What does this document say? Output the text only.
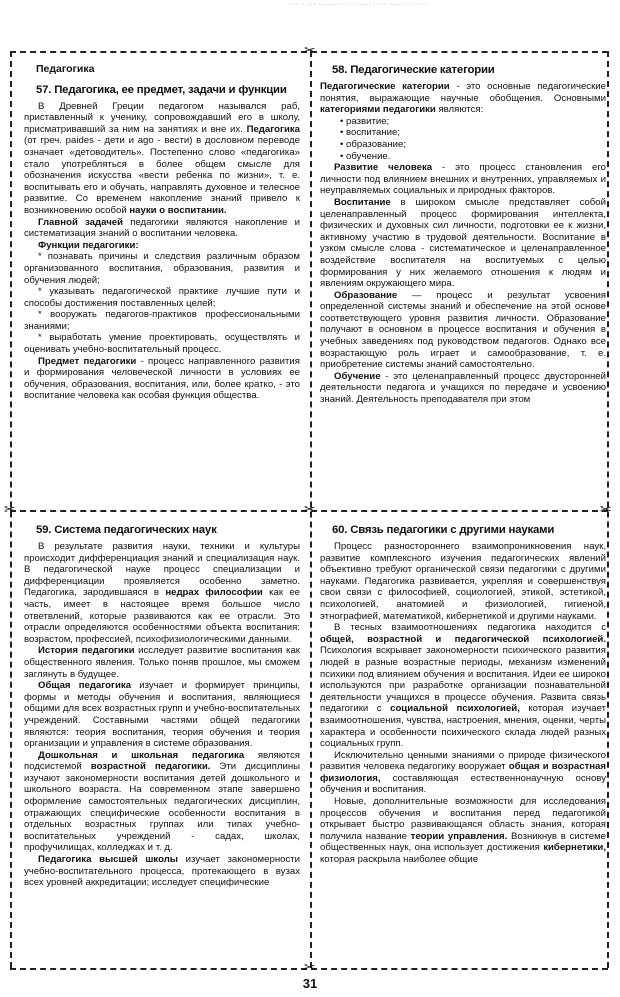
··· · ··· ········ ·· ······· ··· ······ ·· ···
✂
✂
✂	✂
✂
Педагогика
57. Педагогика, ее предмет, задачи и функции

В Древней Греции педагогом назывался раб, приставленный к ученику, сопровождавший его в школу, присматривавший за ним на занятиях и вне их. Педагогика (от греч. paides - дети и ago - вести) в дословном переводе означает «детоводитель». Постепенно слово «педагогика» стало употребляться в более общем смысле для обозначения искусства «вести ребенка по жизни», т. е. воспитывать его и обучать, направлять духовное и телесное развитие. Со временем накопление знаний привело к возникновению особой науки о воспитании.

Главной задачей педагогики являются накопление и систематизация знаний о воспитании человека.

Функции педагогики:

* познавать причины и следствия различным образом организованного воспитания, образования, развития и обучения людей;

* указывать педагогической практике лучшие пути и способы достижения поставленных целей;

* вооружать педагогов-практиков профессиональными знаниями;

* выработать умение проектировать, осуществлять и оценивать учебно-воспитательный процесс.

Предмет педагогики - процесс направленного развития и формирования человеческой личности в условиях ее обучения, образования, воспитания, или, более кратко, - это воспитание человека как особая функция общества.

58. Педагогические категории

Педагогические категории - это основные педагогические понятия, выражающие научные обобщения. Основными категориями педагогики являются:

• развитие;

• воспитание;

• образование;

• обучение.

Развитие человека - это процесс становления его личности под влиянием внешних и внутренних, управляемых и неуправляемых социальных и природных факторов.

Воспитание в широком смысле представляет собой целенаправленный процесс формирования интеллекта, физических и духовных сил личности, подготовки ее к жизни, активному участию в трудовой деятельности. Воспитание в узком смысле слова - систематическое и целенаправленное воздействие воспитателя на воспитуемых с целью формирования у них желаемого отношения к людям и явлениям окружающего мира.

Образование — процесс и результат усвоения определенной системы знаний и обеспечение на этой основе соответствующего уровня развития личности. Образование получают в основном в процессе воспитания и обучения в учебных заведениях под руководством педагогов. Однако все возрастающую роль играет и самообразование, т. е. приобретение системы знаний самостоятельно.

Обучение - это целенаправленный процесс двусторонней деятельности педагога и учащихся по передаче и усвоению знаний. Деятельность преподавателя при этом

59. Система педагогических наук

В результате развития науки, техники и культуры происходит дифференциация знаний и специализация наук. В педагогической науке процесс специализации и дифференциации проявляется особенно заметно. Педагогика, зародившаяся в недрах философии как ее часть, имеет в настоящее время большое число ответвлений, которые развиваются как ее отрасли. Это отрасли определяются особенностями объекта воспитания: возрастом, профессией, психофизиологическими данными.

История педагогики исследует развитие воспитания как общественного явления. Только поняв прошлое, мы сможем заглянуть в будущее.

Общая педагогика изучает и формирует принципы, формы и методы обучения и воспитания, являющиеся общими для всех возрастных групп и учебно-воспитательных учреждений. Составными частями общей педагогики являются: теория воспитания, теория обучения и теория организации и управления в системе образования.

Дошкольная и школьная педагогика являются подсистемой возрастной педагогики. Эти дисциплины изучают закономерности воспитания детей дошкольного и школьного возраста. На современном этапе завершено оформление самостоятельных педагогических дисциплин, отражающих специфические особенности воспитания в отдельных возрастных группах или типах учебно-воспитательных учреждений - садах, школах, профучилищах, колледжах и т. д.

Педагогика высшей школы изучает закономерности учебно-воспитательного процесса, протекающего в вузах всех уровней аккредитации; исследует специфические

60. Связь педагогики с другими науками

Процесс разностороннего взаимопроникновения наук, развитие комплексного изучения педагогических явлений объективно требуют органической связи педагогики с другими науками. Педагогика развивается, укрепляя и совершенствуя свои связи с философией, социологией, этикой, эстетикой, психологией, анатомией и физиологией, гигиеной, этнографией, математикой, кибернетикой и другими науками.

В тесных взаимоотношениях педагогика находится с общей, возрастной и педагогической психологией. Психология вскрывает закономерности психического развития людей в разные возрастные периоды, механизм изменений психики под влиянием обучения и воспитания. Идеи ее широко используются при разработке организации познавательной деятельности учащихся в процессе обучения. Развита связь педагогики с социальной психологией, которая изучает взаимоотношения, чувства, настроения, мнения, оценки, черты характера и особенности психического склада людей разных социальных групп.

Исключительно ценными знаниями о природе физического развития человека педагогику вооружает общая и возрастная физиология, составляющая естественнонаучную основу обучения и воспитания.

Новые, дополнительные возможности для исследования процессов обучения и воспитания перед педагогикой открывает быстро развивающаяся область знания, которая получила название теории управления. Возникнув в системе общественных наук, она использует достижения кибернетики, которая раскрыла наиболее общие

31
